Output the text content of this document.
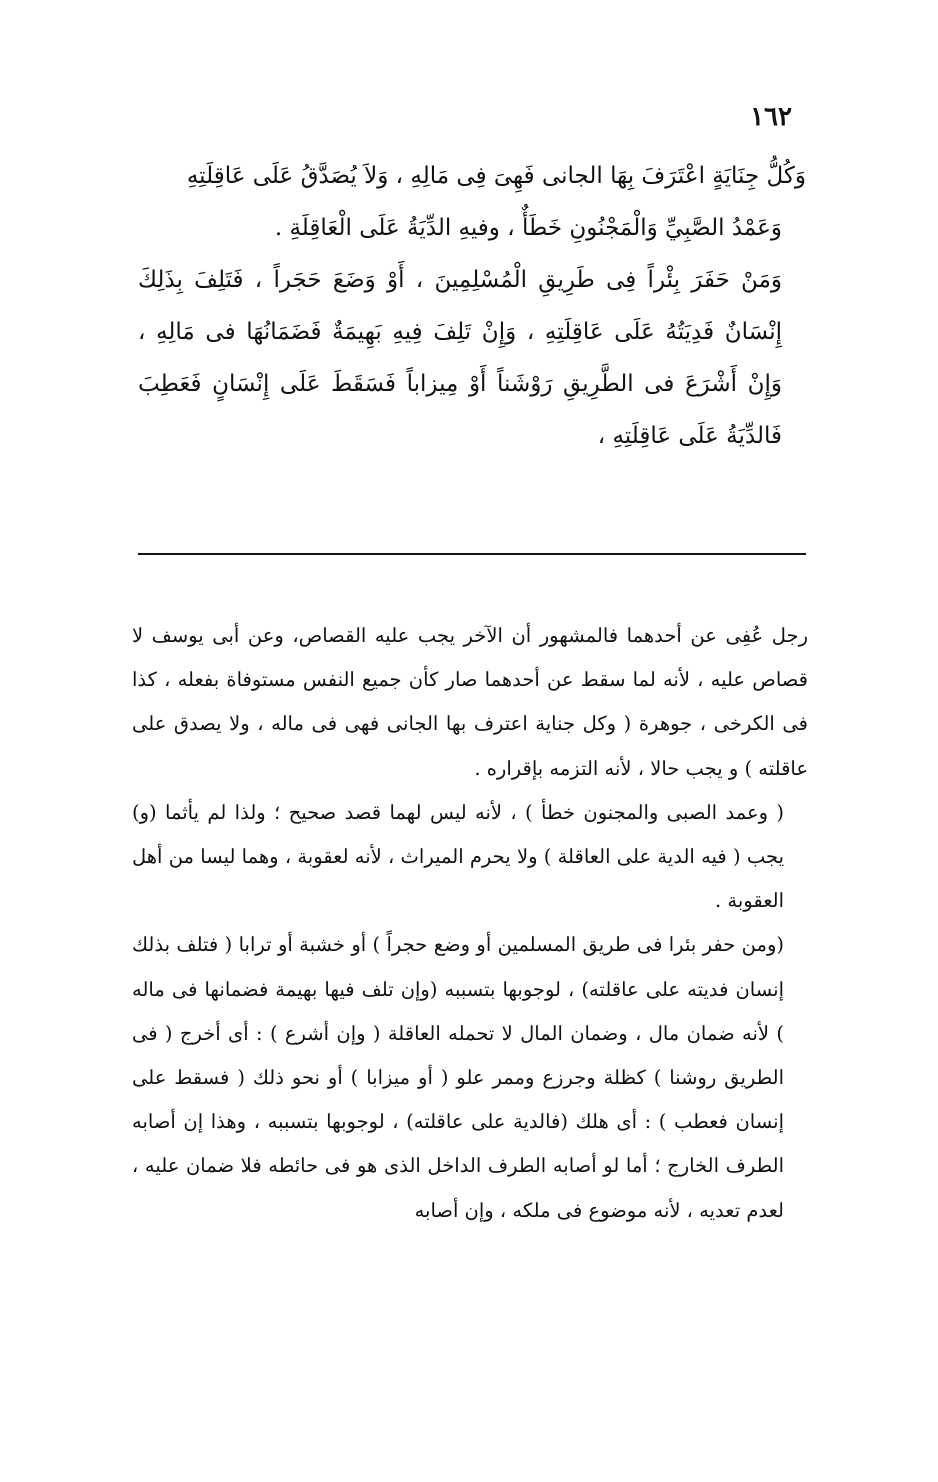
١٦٢

وَكُلُّ جِنَايَةٍ اعْتَرَفَ بِهَا الجانى فَهِىَ فِى مَالِهِ ، وَلاَ يُصَدَّقُ عَلَى عَاقِلَتِهِ

وَعَمْدُ الصَّبِيِّ وَالْمَجْنُونِ خَطَأٌ ، وفيهِ الدِّيَةُ عَلَى الْعَاقِلَةِ .

وَمَنْ حَفَرَ بِئْراً فِى طَرِيقِ الْمُسْلِمِينَ ، أَوْ وَضَعَ حَجَراً ، فَتَلِفَ بِذَلِكَ إِنْسَانٌ فَدِيَتُهُ عَلَى عَاقِلَتِهِ ، وَإِنْ تَلِفَ فِيهِ بَهِيمَةٌ فَضَمَانُهَا فى مَالِهِ ، وَإِنْ أَشْرَعَ فى الطَّرِيقِ رَوْشَناً أَوْ مِيزاباً فَسَقَطَ عَلَى إِنْسَانٍ فَعَطِبَ فَالدِّيَةُ عَلَى عَاقِلَتِهِ ،

رجل عُفِى عن أحدهما فالمشهور أن الآخر يجب عليه القصاص، وعن أبى يوسف لا قصاص عليه ، لأنه لما سقط عن أحدهما صار كأن جميع النفس مستوفاة بفعله ، كذا فى الكرخى ، جوهرة ( وكل جناية اعترف بها الجانى فهى فى ماله ، ولا يصدق على عاقلته ) و يجب حالا ، لأنه التزمه بإقراره .

( وعمد الصبى والمجنون خطأ ) ، لأنه ليس لهما قصد صحيح ؛ ولذا لم يأثما (و) يجب ( فيه الدية على العاقلة ) ولا يحرم الميراث ، لأنه لعقوبة ، وهما ليسا من أهل العقوبة .

(ومن حفر بئرا فى طريق المسلمين أو وضع حجراً ) أو خشبة أو ترابا ( فتلف بذلك إنسان فديته على عاقلته) ، لوجوبها بتسببه (وإن تلف فيها بهيمة فضمانها فى ماله ) لأنه ضمان مال ، وضمان المال لا تحمله العاقلة ( وإن أشرع ) : أى أخرج ( فى الطريق روشنا ) كظلة وجرزع وممر علو ( أو ميزابا ) أو نحو ذلك ( فسقط على إنسان فعطب ) : أى هلك (فالدية على عاقلته) ، لوجوبها بتسببه ، وهذا إن أصابه الطرف الخارج ؛ أما لو أصابه الطرف الداخل الذى هو فى حائطه فلا ضمان عليه ، لعدم تعديه ، لأنه موضوع فى ملكه ، وإن أصابه
